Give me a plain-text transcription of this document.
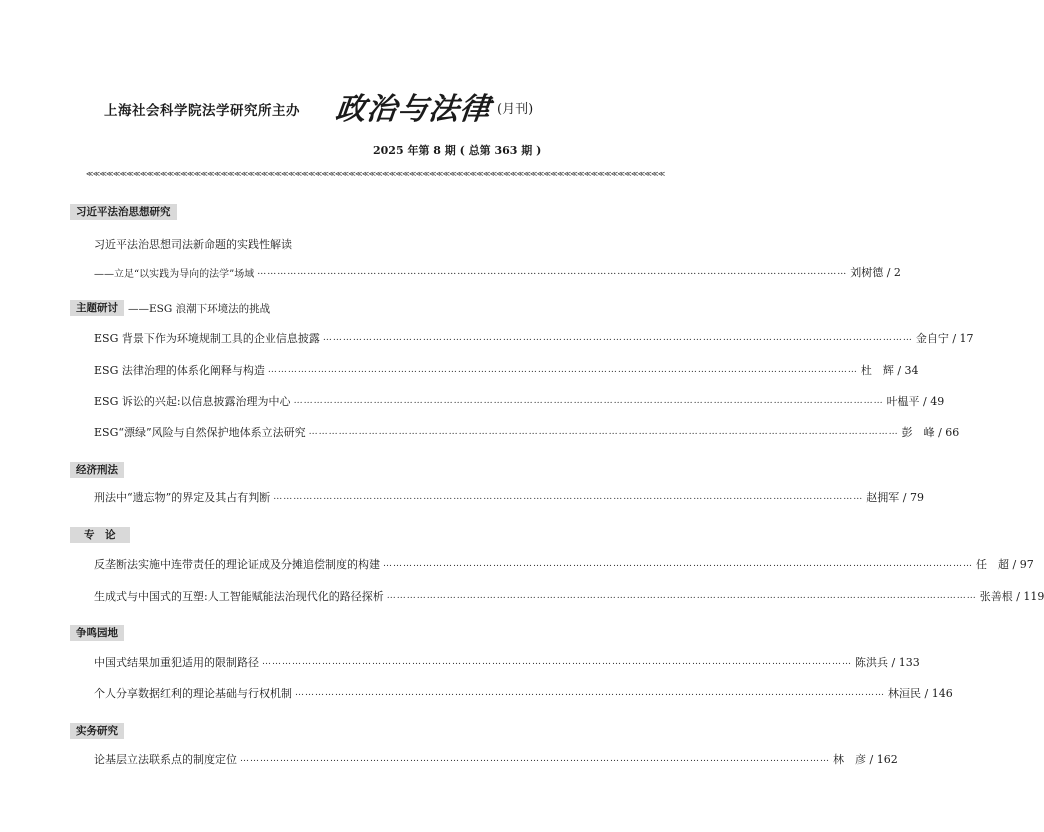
上海社会科学院法学研究所主办 政治与法律 (月刊)
2025 年第 8 期 ( 总第 363 期 )
≪≪≪≪≪≪≪≪≪≪≪≪≪≪≪≪≪≪≪≪≪≪≪≪≪≪≪≪≪≪≪≪≪≪≪≪≪≪≪≪≪≪≪≪≪≪≪≪≪≪≪≪≪≪≪≪≪≪≪≪≪≪≪≪≪≪≪≪≪≪≪≪≪≪≪≪≪≪≪≪≪≪≪≪≪≪
习近平法治思想研究
习近平法治思想司法新命题的实践性解读
——立足“以实践为导向的法学”场域 ……………………………………………………………………………………………………………………………………………………………	刘树德 / 2
主题研讨 ——ESG 浪潮下环境法的挑战
ESG 背景下作为环境规制工具的企业信息披露 ……………………………………………………………………………………………………………………………………………………………	金自宁 / 17
ESG 法律治理的体系化阐释与构造 ……………………………………………………………………………………………………………………………………………………………	杜　辉 / 34
ESG 诉讼的兴起:以信息披露治理为中心 ……………………………………………………………………………………………………………………………………………………………	叶榅平 / 49
ESG“漂绿”风险与自然保护地体系立法研究 ……………………………………………………………………………………………………………………………………………………………	彭　峰 / 66
经济刑法
刑法中“遗忘物”的界定及其占有判断 ……………………………………………………………………………………………………………………………………………………………	赵拥军 / 79
专　论
反垄断法实施中连带责任的理论证成及分摊追偿制度的构建 ……………………………………………………………………………………………………………………………………………………………	任　超 / 97
生成式与中国式的互塑:人工智能赋能法治现代化的路径探析 ……………………………………………………………………………………………………………………………………………………………	张善根 / 119
争鸣园地
中国式结果加重犯适用的限制路径 ……………………………………………………………………………………………………………………………………………………………	陈洪兵 / 133
个人分享数据红利的理论基础与行权机制 ……………………………………………………………………………………………………………………………………………………………	林洹民 / 146
实务研究
论基层立法联系点的制度定位 ……………………………………………………………………………………………………………………………………………………………	林　彦 / 162
